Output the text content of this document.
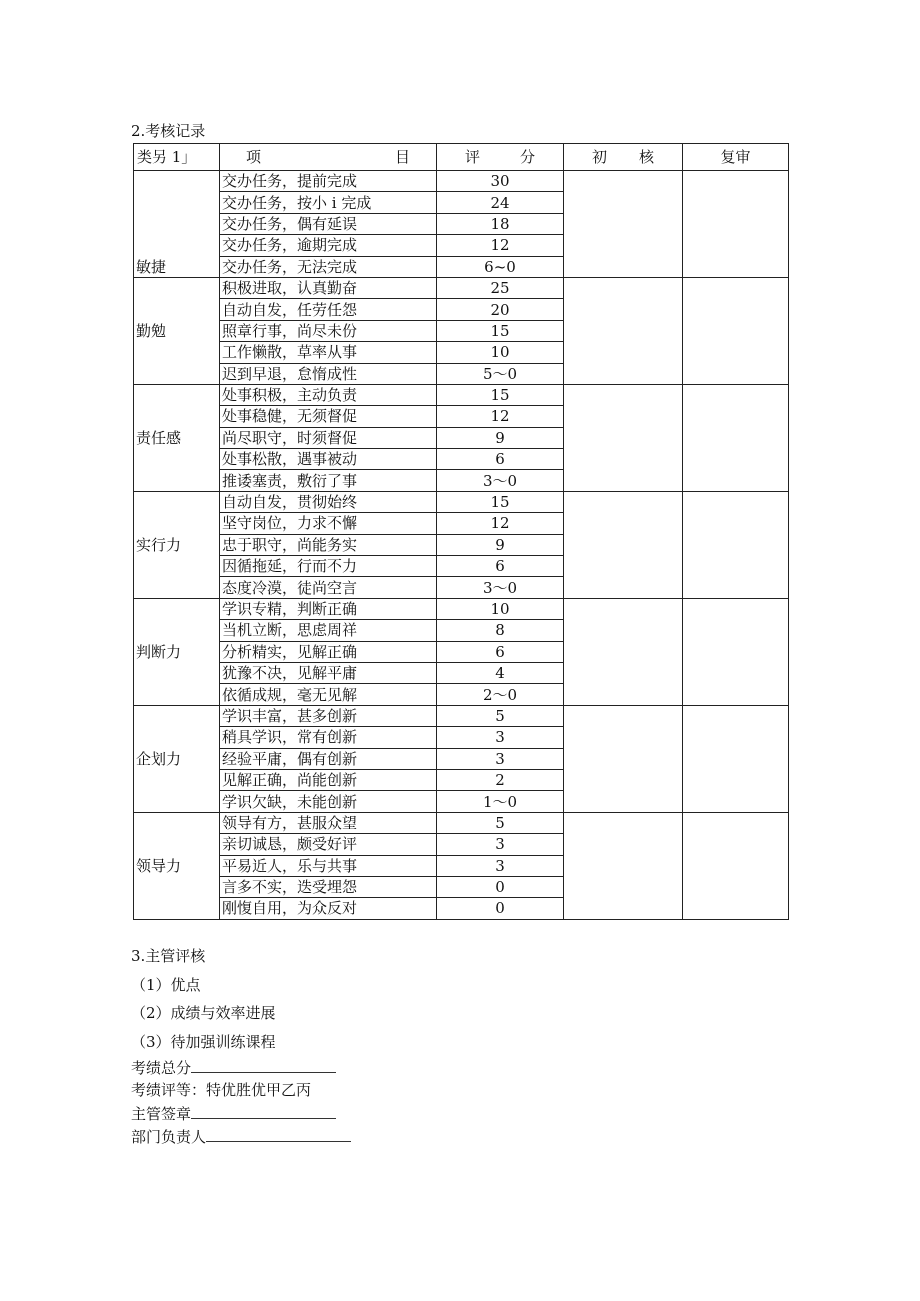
2.考核记录
类另 1」	项 目	评 分	初 核	复审
敏捷	交办任务，提前完成	30		
	交办任务，按小 i 完成	24		
	交办任务，偶有延误	18		
	交办任务，逾期完成	12		
	交办任务，无法完成	6~0		
勤勉	积极进取，认真勤奋	25		
	自动自发，任劳任怨	20		
	照章行事，尚尽未份	15		
	工作懒散，草率从事	10		
	迟到早退，怠惰成性	5～0		
责任感	处事积极，主动负责	15		
	处事稳健，无须督促	12		
	尚尽职守，时须督促	9		
	处事松散，遇事被动	6		
	推诿塞责，敷衍了事	3～0		
实行力	自动自发，贯彻始终	15		
	坚守岗位，力求不懈	12		
	忠于职守，尚能务实	9		
	因循拖延，行而不力	6		
	态度冷漠，徒尚空言	3～0		
判断力	学识专精，判断正确	10		
	当机立断，思虑周祥	8		
	分析精实，见解正确	6		
	犹豫不决，见解平庸	4		
	依循成规，毫无见解	2～0		
企划力	学识丰富，甚多创新	5		
	稍具学识，常有创新	3		
	经验平庸，偶有创新	3		
	见解正确，尚能创新	2		
	学识欠缺，未能创新	1～0		
领导力	领导有方，甚服众望	5		
	亲切诚恳，颇受好评	3		
	平易近人，乐与共事	3		
	言多不实，迭受埋怨	0		
	刚愎自用，为众反对	0		
3.主管评核
（1）优点
（2）成绩与效率进展
（3）待加强训练课程
考绩总分
考绩评等：特优胜优甲乙丙
主管签章
部门负责人
